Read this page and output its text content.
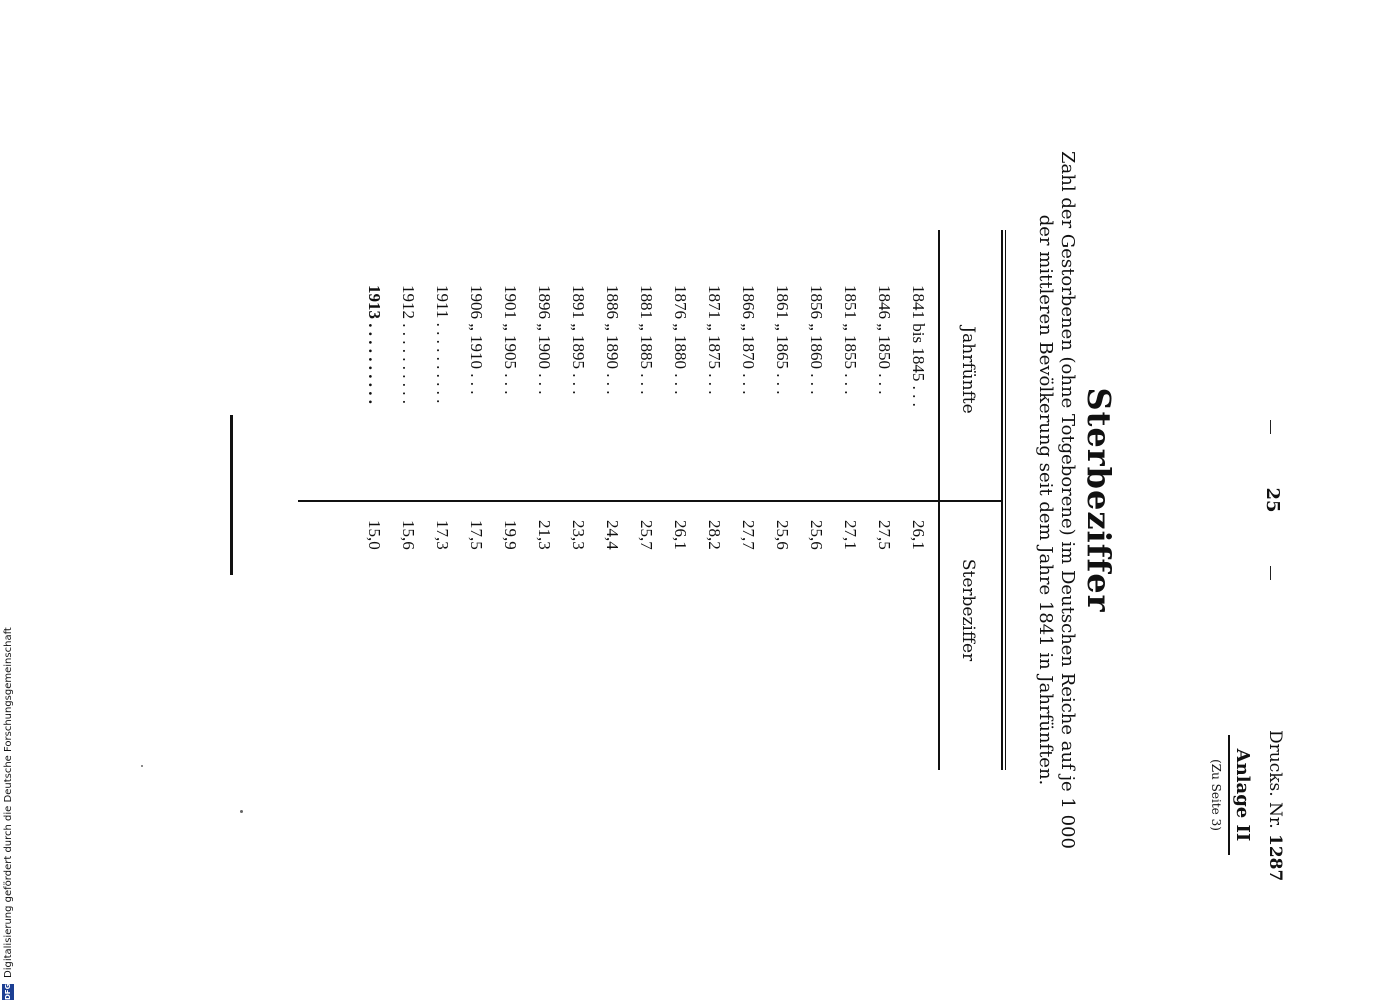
25
Drucks. Nr. 1287
Anlage II
(Zu Seite 3)
Sterbeziffer
Zahl der Gestorbenen (ohne Totgeborene) im Deutschen Reiche auf je 1 000
der mittleren Bevölkerung seit dem Jahre 1841 in Jahrfünften.
Jahrfünfte
Sterbeziffer
1841 bis 1845 . . .
26,1
1846 „ 1850 . . .
27,5
1851 „ 1855 . . .
27,1
1856 „ 1860 . . .
25,6
1861 „ 1865 . . .
25,6
1866 „ 1870 . . .
27,7
1871 „ 1875 . . .
28,2
1876 „ 1880 . . .
26,1
1881 „ 1885 . . .
25,7
1886 „ 1890 . . .
24,4
1891 „ 1895 . . .
23,3
1896 „ 1900 . . .
21,3
1901 „ 1905 . . .
19,9
1906 „ 1910 . . .
17,5
1911 . . . . . . . . . .
17,3
1912 . . . . . . . . . .
15,6
1913 . . . . . . . . . .
15,0
DFG
Digitalisierung gefördert durch die Deutsche Forschungsgemeinschaft
